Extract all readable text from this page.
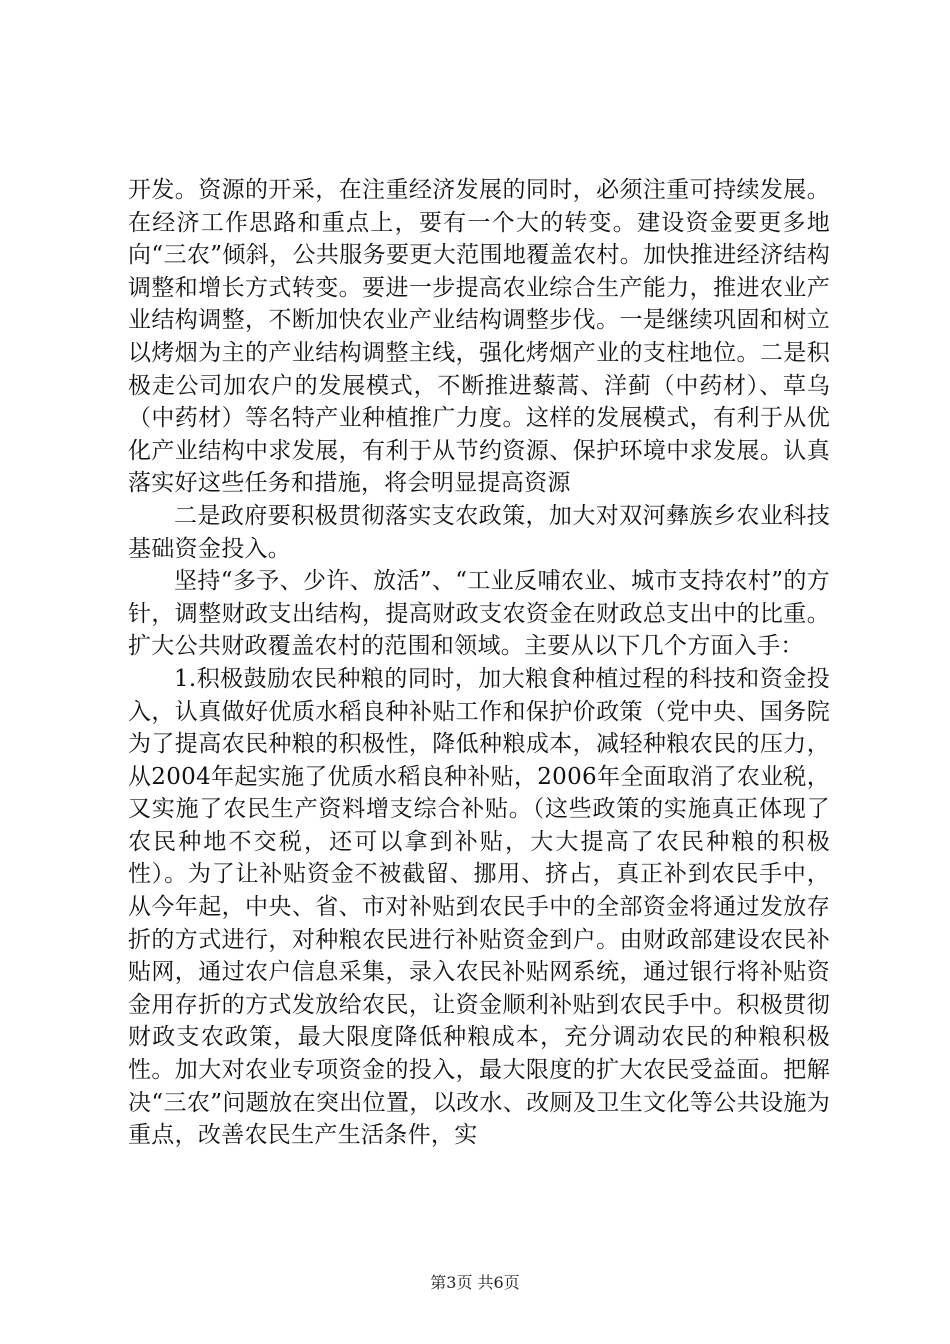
开发。资源的开采，在注重经济发展的同时，必须注重可持续发展。在经济工作思路和重点上，要有一个大的转变。建设资金要更多地向“三农”倾斜，公共服务要更大范围地覆盖农村。加快推进经济结构调整和增长方式转变。要进一步提高农业综合生产能力，推进农业产业结构调整，不断加快农业产业结构调整步伐。一是继续巩固和树立以烤烟为主的产业结构调整主线，强化烤烟产业的支柱地位。二是积极走公司加农户的发展模式，不断推进藜蒿、洋蓟（中药材）、草乌（中药材）等名特产业种植推广力度。这样的发展模式，有利于从优化产业结构中求发展，有利于从节约资源、保护环境中求发展。认真落实好这些任务和措施，将会明显提高资源

二是政府要积极贯彻落实支农政策，加大对双河彝族乡农业科技基础资金投入。

坚持“多予、少许、放活”、“工业反哺农业、城市支持农村”的方针，调整财政支出结构，提高财政支农资金在财政总支出中的比重。扩大公共财政覆盖农村的范围和领域。主要从以下几个方面入手：

1.积极鼓励农民种粮的同时，加大粮食种植过程的科技和资金投入，认真做好优质水稻良种补贴工作和保护价政策（党中央、国务院为了提高农民种粮的积极性，降低种粮成本，减轻种粮农民的压力，从2004年起实施了优质水稻良种补贴，2006年全面取消了农业税，又实施了农民生产资料增支综合补贴。（这些政策的实施真正体现了农民种地不交税，还可以拿到补贴，大大提高了农民种粮的积极性）。为了让补贴资金不被截留、挪用、挤占，真正补到农民手中，从今年起，中央、省、市对补贴到农民手中的全部资金将通过发放存折的方式进行，对种粮农民进行补贴资金到户。由财政部建设农民补贴网，通过农户信息采集，录入农民补贴网系统，通过银行将补贴资金用存折的方式发放给农民，让资金顺利补贴到农民手中。积极贯彻财政支农政策，最大限度降低种粮成本，充分调动农民的种粮积极性。加大对农业专项资金的投入，最大限度的扩大农民受益面。把解决“三农”问题放在突出位置，以改水、改厕及卫生文化等公共设施为重点，改善农民生产生活条件，实

第3页 共6页
